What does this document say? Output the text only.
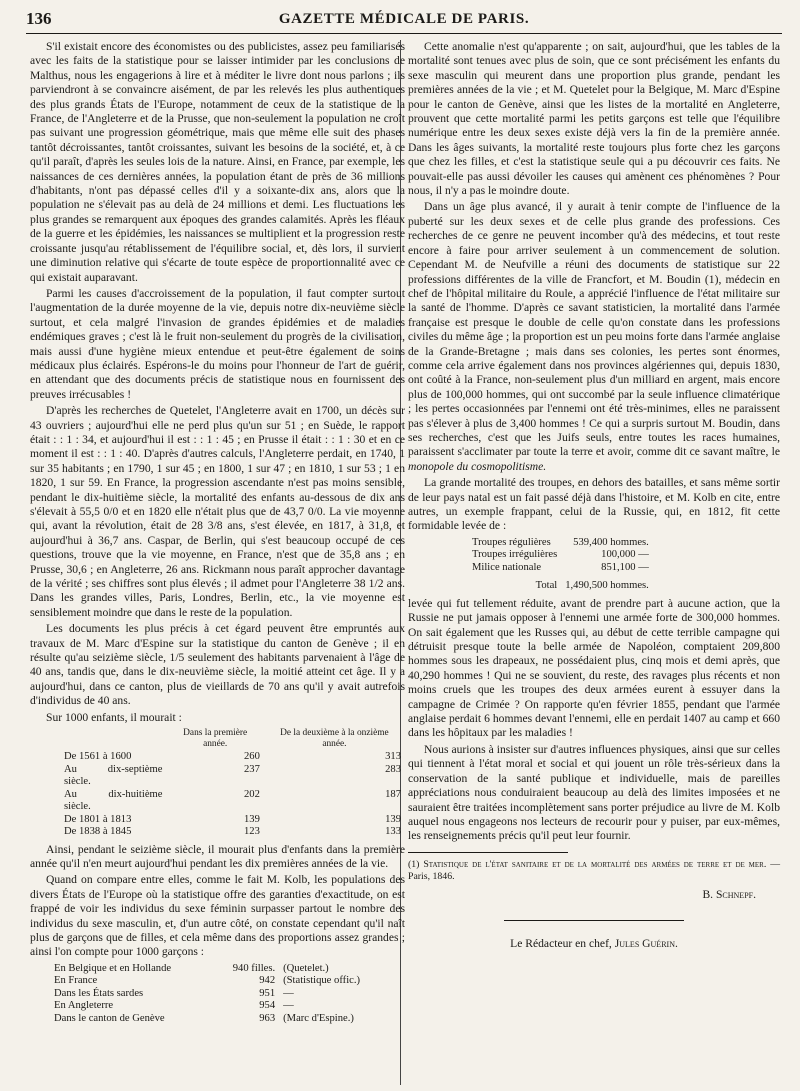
136	GAZETTE MÉDICALE DE PARIS.

S'il existait encore des économistes ou des publicistes, assez peu familiarisés avec les faits de la statistique pour se laisser intimider par les conclusions de Malthus, nous les engagerions à lire et à méditer le livre dont nous parlons ; ils parviendront à se convaincre aisément, de par les relevés les plus authentiques des plus grands États de l'Europe, notamment de ceux de la statistique de la France, de l'Angleterre et de la Prusse, que non-seulement la population ne croît pas suivant une progression géométrique, mais que même elle suit des phases tantôt décroissantes, tantôt croissantes, suivant les besoins de la société, et, à ce qu'il paraît, d'après les seules lois de la nature. Ainsi, en France, par exemple, les naissances de ces dernières années, la population étant de près de 36 millions d'habitants, n'ont pas dépassé celles d'il y a soixante-dix ans, alors que la population ne s'élevait pas au delà de 24 millions et demi. Les fluctuations les plus grandes se remarquent aux époques des grandes calamités. Après les fléaux de la guerre et les épidémies, les naissances se multiplient et la progression reste croissante jusqu'au rétablissement de l'équilibre social, et, dès lors, il survient une diminution relative qui s'écarte de toute espèce de proportionnalité avec ce qui existait auparavant.

Parmi les causes d'accroissement de la population, il faut compter surtout l'augmentation de la durée moyenne de la vie, depuis notre dix-neuvième siècle surtout, et cela malgré l'invasion de grandes épidémies et de maladies endémiques graves ; c'est là le fruit non-seulement du progrès de la civilisation, mais aussi d'une hygiène mieux entendue et peut-être également de soins médicaux plus éclairés. Espérons-le du moins pour l'honneur de l'art de guérir, en attendant que des documents précis de statistique nous en fournissent des preuves irrécusables !

D'après les recherches de Quetelet, l'Angleterre avait en 1700, un décès sur 43 ouvriers ; aujourd'hui elle ne perd plus qu'un sur 51 ; en Suède, le rapport était : : 1 : 34, et aujourd'hui il est : : 1 : 45 ; en Prusse il était : : 1 : 30 et en ce moment il est : : 1 : 40. D'après d'autres calculs, l'Angleterre perdait, en 1740, 1 sur 35 habitants ; en 1790, 1 sur 45 ; en 1800, 1 sur 47 ; en 1810, 1 sur 53 ; 1 en 1820, 1 sur 59. En France, la progression ascendante n'est pas moins sensible, pendant le dix-huitième siècle, la mortalité des enfants au-dessous de dix ans s'élevait à 55,5 0/0 et en 1820 elle n'était plus que de 43,7 0/0. La vie moyenne qui, avant la révolution, était de 28 3/8 ans, s'est élevée, en 1817, à 31,8, et aujourd'hui à 36,7 ans. Caspar, de Berlin, qui s'est beaucoup occupé de ces questions, trouve que la vie moyenne, en France, n'est que de 35,8 ans ; en Prusse, 30,6 ; en Angleterre, 26 ans. Rickmann nous paraît approcher davantage de la vérité ; ses chiffres sont plus élevés ; il admet pour l'Angleterre 38 1/2 ans. Dans les grandes villes, Paris, Londres, Berlin, etc., la vie moyenne est sensiblement moindre que dans le reste de la population.

Les documents les plus précis à cet égard peuvent être empruntés aux travaux de M. Marc d'Espine sur la statistique du canton de Genève ; il en résulte qu'au seizième siècle, 1/5 seulement des habitants parvenaient à l'âge de 40 ans, tandis que, dans le dix-neuvième siècle, la moitié atteint cet âge. Il y a aujourd'hui, dans ce canton, plus de vieillards de 70 ans qu'il y avait autrefois d'individus de 40 ans.

Sur 1000 enfants, il mourait :

	Dans la première année.	De la deuxième à la onzième année.
De 1561 à 1600	260	313
Au dix-septième siècle.	237	283
Au dix-huitième siècle.	202	187
De 1801 à 1813	139	139
De 1838 à 1845	123	133

Ainsi, pendant le seizième siècle, il mourait plus d'enfants dans la première année qu'il n'en meurt aujourd'hui pendant les dix premières années de la vie.

Quand on compare entre elles, comme le fait M. Kolb, les populations des divers États de l'Europe où la statistique offre des garanties d'exactitude, on est frappé de voir les individus du sexe féminin surpasser partout le nombre des individus du sexe masculin, et, d'un autre côté, on constate cependant qu'il naît plus de garçons que de filles, et cela même dans des proportions assez grandes ; ainsi l'on compte pour 1000 garçons :

En Belgique et en Hollande	940 filles.	(Quetelet.)
En France	942	(Statistique offic.)
Dans les États sardes	951	—
En Angleterre	954	—
Dans le canton de Genève	963	(Marc d'Espine.)

Cette anomalie n'est qu'apparente ; on sait, aujourd'hui, que les tables de la mortalité sont tenues avec plus de soin, que ce sont précisément les enfants du sexe masculin qui meurent dans une proportion plus grande, pendant les premières années de la vie ; et M. Quetelet pour la Belgique, M. Marc d'Espine pour le canton de Genève, ainsi que les listes de la mortalité en Angleterre, prouvent que cette mortalité parmi les petits garçons est telle que l'équilibre numérique entre les deux sexes existe déjà vers la fin de la première année. Dans les âges suivants, la mortalité reste toujours plus forte chez les garçons que chez les filles, et c'est la statistique seule qui a pu découvrir ces faits. Ne pouvait-elle pas aussi dévoiler les causes qui amènent ces phénomènes ? Pour nous, il n'y a pas le moindre doute.

Dans un âge plus avancé, il y aurait à tenir compte de l'influence de la puberté sur les deux sexes et de celle plus grande des professions. Ces recherches de ce genre ne peuvent incomber qu'à des médecins, et tout reste encore à faire pour arriver seulement à un commencement de solution. Cependant M. de Neufville a réuni des documents de statistique sur 22 professions différentes de la ville de Francfort, et M. Boudin (1), médecin en chef de l'hôpital militaire du Roule, a apprécié l'influence de l'état militaire sur la santé de l'homme. D'après ce savant statisticien, la mortalité dans l'armée française est presque le double de celle qu'on constate dans les professions civiles du même âge ; la proportion est un peu moins forte dans l'armée anglaise de la Grande-Bretagne ; mais dans ses colonies, les pertes sont énormes, comme cela arrive également dans nos provinces algériennes qui, depuis 1830, ont coûté à la France, non-seulement plus d'un milliard en argent, mais encore plus de 100,000 hommes, qui ont succombé par la seule influence climatérique ; les pertes occasionnées par l'ennemi ont été très-minimes, elles ne paraissent pas s'élever à plus de 3,400 hommes ! Ce qui a surpris surtout M. Boudin, dans ses recherches, c'est que les Juifs seuls, entre toutes les races humaines, paraissent s'acclimater par toute la terre et avoir, comme dit ce savant maître, le monopole du cosmopolitisme.

La grande mortalité des troupes, en dehors des batailles, et sans même sortir de leur pays natal est un fait passé déjà dans l'histoire, et M. Kolb en cite, entre autres, un exemple frappant, celui de la Russie, qui, en 1812, fit cette formidable levée de :

Troupes régulières	539,400 hommes.
Troupes irrégulières	100,000 —
Milice nationale	851,100 —
Total	1,490,500 hommes.

levée qui fut tellement réduite, avant de prendre part à aucune action, que la Russie ne put jamais opposer à l'ennemi une armée forte de 300,000 hommes. On sait également que les Russes qui, au début de cette terrible campagne qui détruisit presque toute la belle armée de Napoléon, comptaient 209,800 hommes sous les drapeaux, ne possédaient plus, cinq mois et demi après, que 40,290 hommes ! Qui ne se souvient, du reste, des ravages plus récents et non moins cruels que les troupes des deux armées eurent à essuyer dans la campagne de Crimée ? On rapporte qu'en février 1855, pendant que l'armée anglaise perdait 6 hommes devant l'ennemi, elle en perdait 1407 au camp et 660 dans les hôpitaux par les maladies !

Nous aurions à insister sur d'autres influences physiques, ainsi que sur celles qui tiennent à l'état moral et social et qui jouent un rôle très-sérieux dans la conservation de la santé publique et individuelle, mais de pareilles appréciations nous conduiraient beaucoup au delà des limites imposées et ne sauraient être traitées incomplètement sans porter préjudice au livre de M. Kolb auquel nous engageons nos lecteurs de recourir pour y puiser, par eux-mêmes, les renseignements précis qu'il peut leur fournir.

(1) Statistique de l'état sanitaire et de la mortalité des armées de terre et de mer. — Paris, 1846.

B. Schnepf.

Le Rédacteur en chef, Jules Guérin.
